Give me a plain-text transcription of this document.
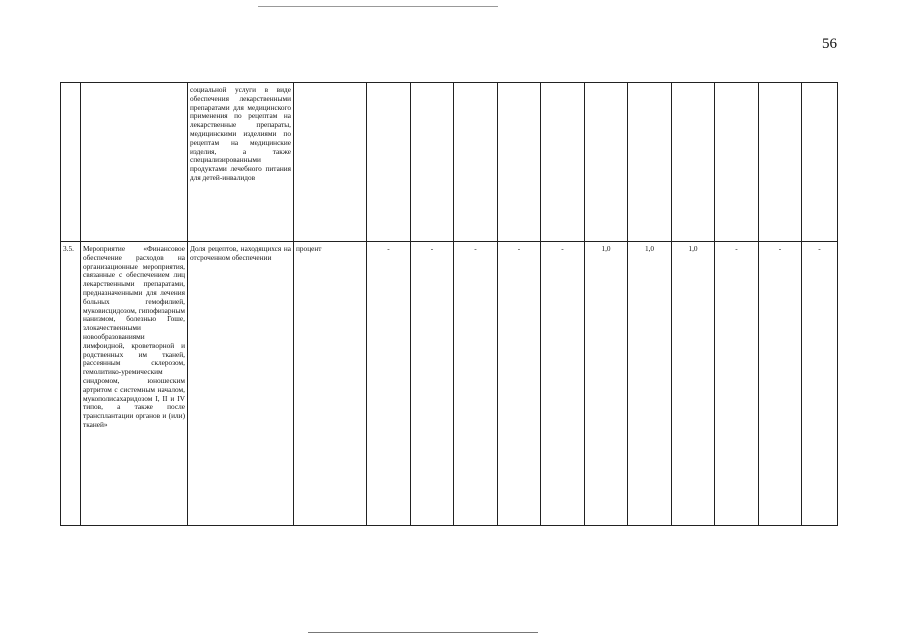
56
		социальной услуги в виде обеспечения лекарственными препаратами для медицинского применения по рецептам на лекарственные препараты, медицинскими изделиями по рецептам на медицинские изделия, а также специализированными продуктами лечебного питания для детей-инвалидов												
3.5.	Мероприятие «Финансовое обеспечение расходов на организационные мероприятия, связанные с обеспечением лиц лекарственными препаратами, предназначенными для лечения больных гемофилией, муковисцидозом, гипофизарным нанизмом, болезнью Гоше, злокачественными новообразованиями лимфоидной, кроветворной и родственных им тканей, рассеянным склерозом, гемолитико-уремическим синдромом, юношеским артритом с системным началом, мукополисахаридозом I, II и IV типов, а также после трансплантации органов и (или) тканей»	Доля рецептов, находящихся на отсроченном обеспечении	процент	-	-	-	-	-	1,0	1,0	1,0	-	-	-
